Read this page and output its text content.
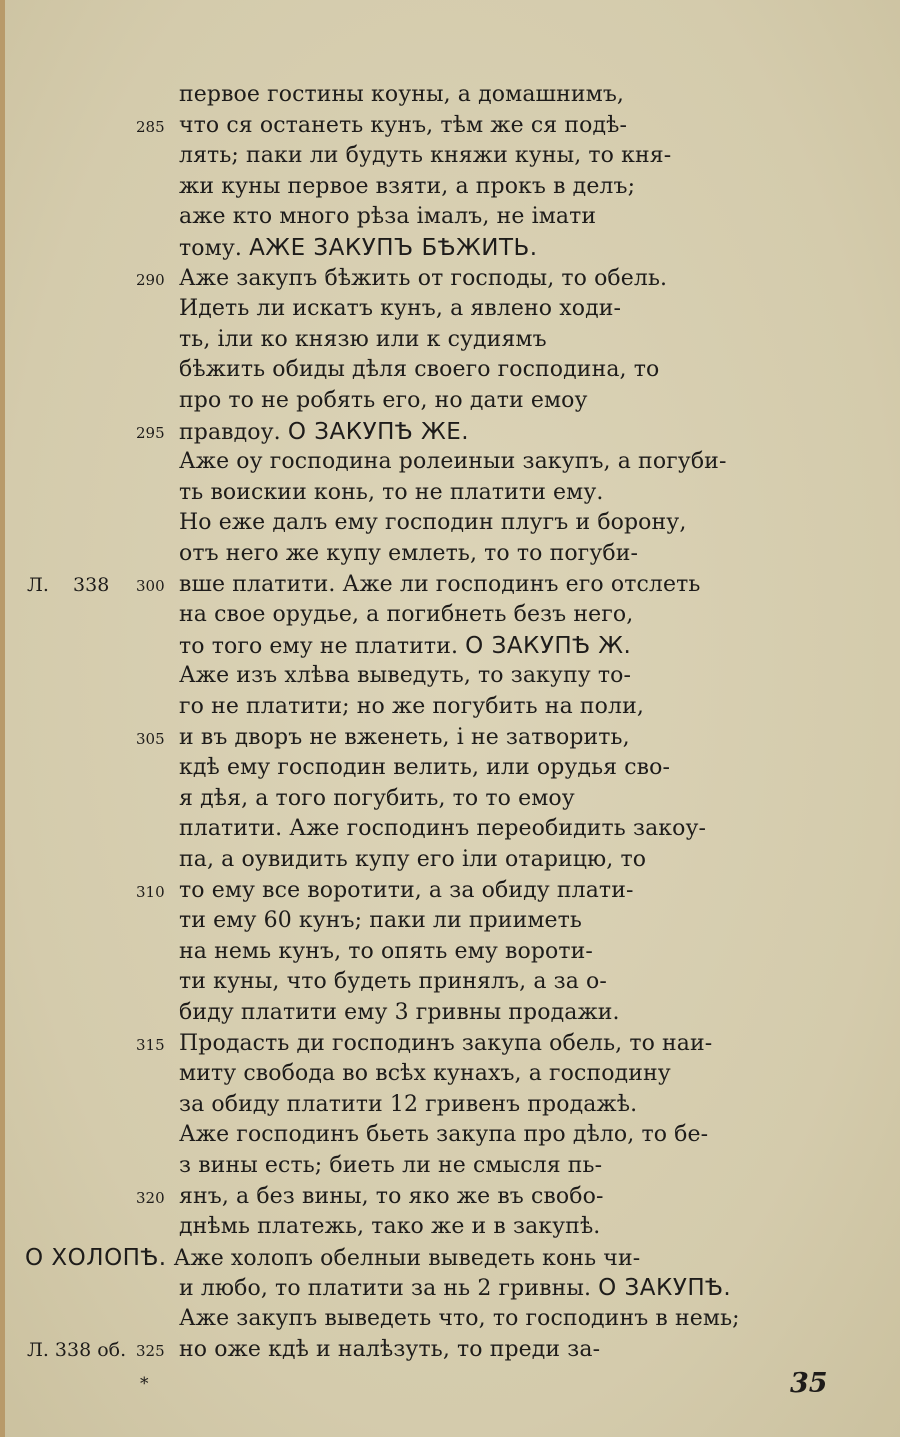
первое гостины коуны, а домашнимъ,
285 что ся останеть кунъ, тѣм же ся подѣ-
лять; паки ли будуть княжи куны, то кня-
жи куны первое взяти, а прокъ в делъ;
аже кто много рѣза імалъ, не імати
тому. АЖЕ ЗАКУПЪ БѢЖИТЬ.
290 Аже закупъ бѣжить от господы, то обель.
Идеть ли искатъ кунъ, а явлено ходи-
ть, іли ко князю или к судиямъ
бѣжить обиды дѣля своего господина, то
про то не робять его, но дати емоу
295 правдоу. О ЗАКУПѢ ЖЕ.
Аже оу господина ролеиныи закупъ, а погуби-
ть воискии конь, то не платити ему.
Но еже далъ ему господин плугъ и борону,
отъ него же купу емлеть, то то погуби-
Л.    338 300 вше платити. Аже ли господинъ его отслеть
на свое орудье, а погибнеть безъ него,
то того ему не платити. О ЗАКУПѢ Ж.
Аже изъ хлѣва выведуть, то закупу то-
го не платити; но же погубить на поли,
305 и въ дворъ не вженеть, і не затворить,
кдѣ ему господин велить, или орудья сво-
я дѣя, а того погубить, то то емоу
платити. Аже господинъ переобидить закоу-
па, а оувидить купу его іли отарицю, то
310 то ему все воротити, а за обиду плати-
ти ему 60 кунъ; паки ли прииметь
на немь кунъ, то опять ему вороти-
ти куны, что будеть принялъ, а за о-
биду платити ему 3 гривны продажи.
315 Продасть ди господинъ закупа обель, то наи-
миту свобода во всѣх кунахъ, а господину
за обиду платити 12 гривенъ продажѣ.
Аже господинъ бьеть закупа про дѣло, то бе-
з вины есть; биеть ли не смысля пь-
320 янъ, а без вины, то яко же въ свобо-
днѣмь платежь, тако же и в закупѣ.
О ХОЛОПѢ. Аже холопъ обелныи выведеть конь чи-
и любо, то платити за нь 2 гривны. О ЗАКУПѢ.
Аже закупъ выведеть что, то господинъ в немь;
Л. 338 об. 325 но оже кдѣ и налѣзуть, то преди за-
*	35
